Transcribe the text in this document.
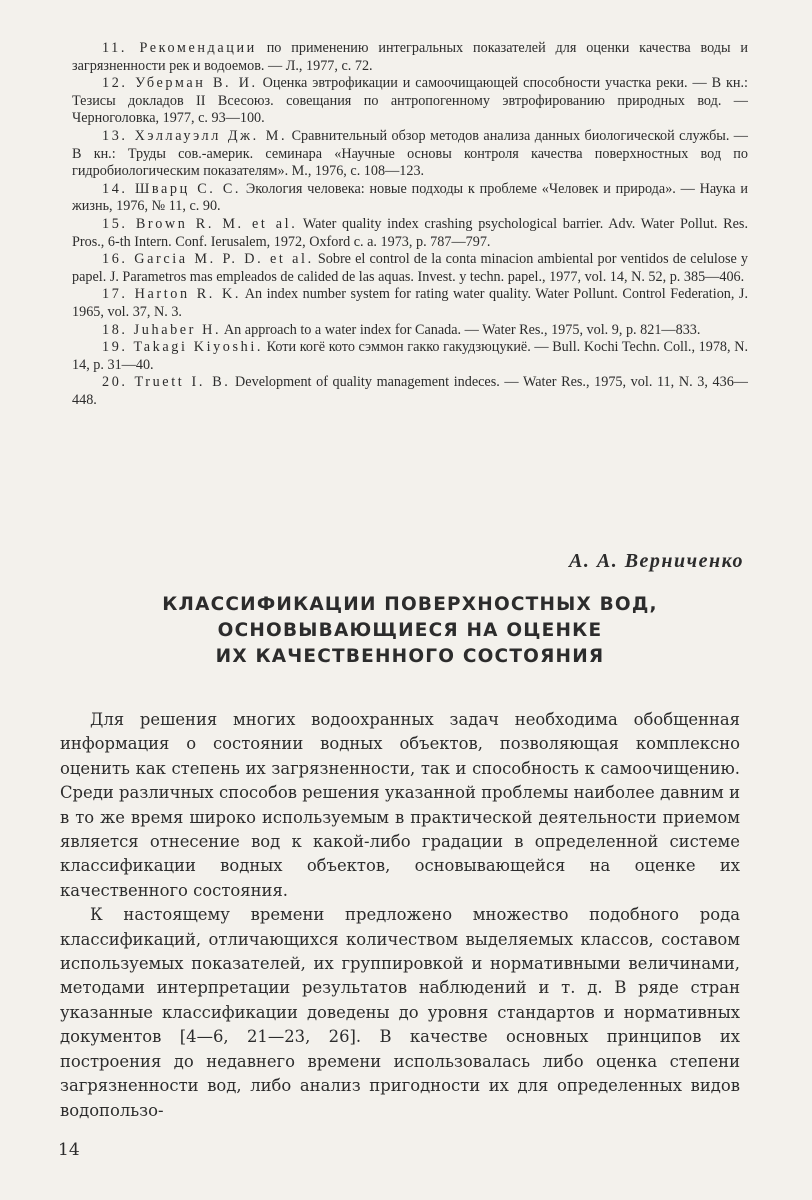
11. Рекомендации по применению интегральных показателей для оценки качества воды и загрязненности рек и водоемов. — Л., 1977, с. 72.

12. Уберман В. И. Оценка эвтрофикации и самоочищающей способности участка реки. — В кн.: Тезисы докладов II Всесоюз. совещания по антропогенному эвтрофированию природных вод. — Черноголовка, 1977, с. 93—100.

13. Хэллауэлл Дж. М. Сравнительный обзор методов анализа данных биологической службы. — В кн.: Труды сов.-америк. семинара «Научные основы контроля качества поверхностных вод по гидробиологическим показателям». М., 1976, с. 108—123.

14. Шварц С. С. Экология человека: новые подходы к проблеме «Человек и природа». — Наука и жизнь, 1976, № 11, с. 90.

15. Brown R. M. et al. Water quality index crashing psychological barrier. Adv. Water Pollut. Res. Pros., 6-th Intern. Conf. Ierusalem, 1972, Oxford c. a. 1973, p. 787—797.

16. Garcia M. P. D. et al. Sobre el control de la conta minacion ambiental por ventidos de celulose y papel. J. Parametros mas empleados de calided de las aquas. Invest. y techn. papel., 1977, vol. 14, N. 52, p. 385—406.

17. Harton R. K. An index number system for rating water quality. Water Pollunt. Control Federation, J. 1965, vol. 37, N. 3.

18. Juhaber H. An approach to a water index for Canada. — Water Res., 1975, vol. 9, p. 821—833.

19. Takagi Kiyoshi. Коти когё кото сэммон гакко гакудзюцукиё. — Bull. Kochi Techn. Coll., 1978, N. 14, p. 31—40.

20. Truett I. B. Development of quality management indeces. — Water Res., 1975, vol. 11, N. 3, 436—448.

А. А. Верниченко
КЛАССИФИКАЦИИ ПОВЕРХНОСТНЫХ ВОД,
ОСНОВЫВАЮЩИЕСЯ НА ОЦЕНКЕ
ИХ КАЧЕСТВЕННОГО СОСТОЯНИЯ

Для решения многих водоохранных задач необходима обобщенная информация о состоянии водных объектов, позволяющая комплексно оценить как степень их загрязненности, так и способность к самоочищению. Среди различных способов решения указанной проблемы наиболее давним и в то же время широко используемым в практической деятельности приемом является отнесение вод к какой-либо градации в определенной системе классификации водных объектов, основывающейся на оценке их качественного состояния.

К настоящему времени предложено множество подобного рода классификаций, отличающихся количеством выделяемых классов, составом используемых показателей, их группировкой и нормативными величинами, методами интерпретации результатов наблюдений и т. д. В ряде стран указанные классификации доведены до уровня стандартов и нормативных документов [4—6, 21—23, 26]. В качестве основных принципов их построения до недавнего времени использовалась либо оценка степени загрязненности вод, либо анализ пригодности их для определенных видов водопользо-

14
